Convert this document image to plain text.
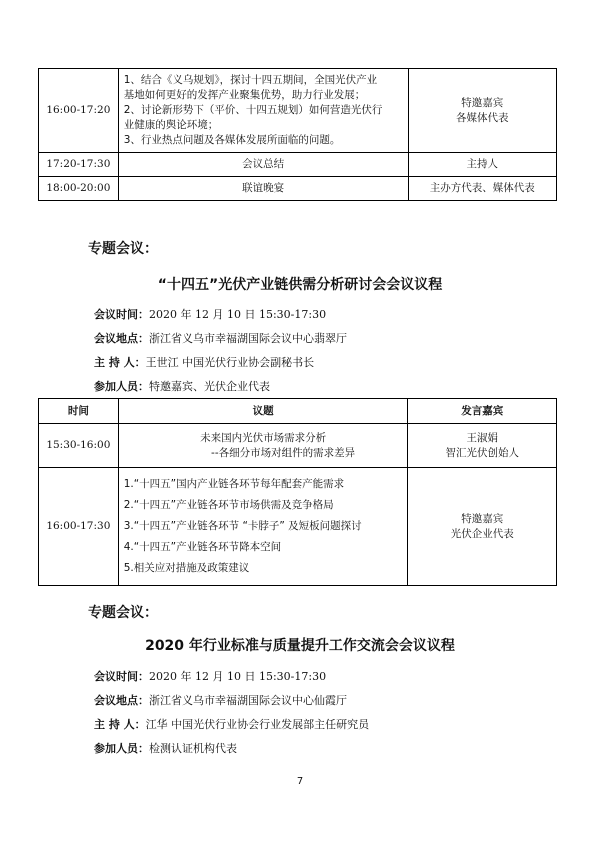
16:00-17:20	1、结合《义乌规划》，探讨十四五期间，全国光伏产业
基地如何更好的发挥产业聚集优势，助力行业发展；
2、讨论新形势下（平价、十四五规划）如何营造光伏行
业健康的舆论环境；
3、行业热点问题及各媒体发展所面临的问题。	特邀嘉宾
各媒体代表

17:20-17:30	会议总结	主持人
18:00-20:00	联谊晚宴	主办方代表、媒体代表
专题会议：
“十四五”光伏产业链供需分析研讨会会议议程
会议时间：2020 年 12 月 10 日 15:30-17:30
会议地点：浙江省义乌市幸福湖国际会议中心翡翠厅
主 持 人：王世江 中国光伏行业协会副秘书长
参加人员：特邀嘉宾、光伏企业代表
时间	议题	发言嘉宾
15:30-16:00	未来国内光伏市场需求分析
--各细分市场对组件的需求差异	王淑娟
智汇光伏创始人

16:00-17:30	1.“十四五”国内产业链各环节每年配套产能需求
2.“十四五”产业链各环节市场供需及竞争格局
3.“十四五”产业链各环节 “卡脖子” 及短板问题探讨
4.“十四五”产业链各环节降本空间
5.相关应对措施及政策建议	特邀嘉宾
光伏企业代表
专题会议：
2020 年行业标准与质量提升工作交流会会议议程
会议时间：2020 年 12 月 10 日 15:30-17:30
会议地点：浙江省义乌市幸福湖国际会议中心仙霞厅
主 持 人：江华 中国光伏行业协会行业发展部主任研究员
参加人员：检测认证机构代表
7
